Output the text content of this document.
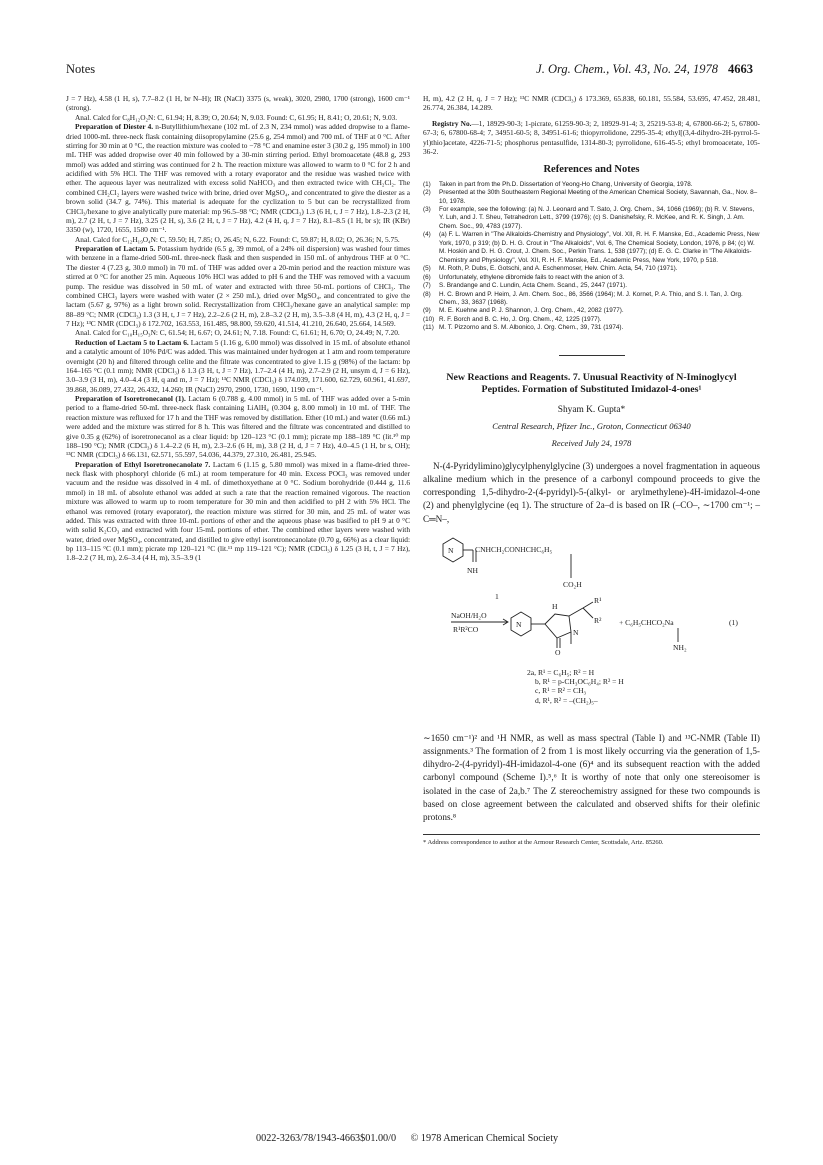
Notes	J. Org. Chem., Vol. 43, No. 24, 1978 4663

J = 7 Hz), 4.58 (1 H, s), 7.7–8.2 (1 H, br N–H); IR (NaCl) 3375 (s, weak), 3020, 2980, 1700 (strong), 1600 cm⁻¹ (strong).

Anal. Calcd for C₈H₁₂O₂N: C, 61.94; H, 8.39; O, 20.64; N, 9.03. Found: C, 61.95; H, 8.41; O, 20.61; N, 9.03.

Preparation of Diester 4. n-Butyllithium/hexane (102 mL of 2.3 N, 234 mmol) was added dropwise to a flame-dried 1000-mL three-neck flask containing diisopropylamine (25.6 g, 254 mmol) and 700 mL of THF at 0 °C. After stirring for 30 min at 0 °C, the reaction mixture was cooled to −78 °C and enamine ester 3 (30.2 g, 195 mmol) in 100 mL THF was added dropwise over 40 min followed by a 30-min stirring period. Ethyl bromoacetate (48.8 g, 293 mmol) was added and stirring was continued for 2 h. The reaction mixture was allowed to warm to 0 °C for 2 h and acidified with 5% HCl. The THF was removed with a rotary evaporator and the residue was washed twice with ether. The aqueous layer was neutralized with excess solid NaHCO₃ and then extracted twice with CH₂Cl₂. The combined CH₂Cl₂ layers were washed twice with brine, dried over MgSO₄, and concentrated to give the diester as a brown solid (34.7 g, 74%). This material is adequate for the cyclization to 5 but can be recrystallized from CHCl₃/hexane to give analytically pure material: mp 96.5–98 °C; NMR (CDCl₃) 1.3 (6 H, t, J = 7 Hz), 1.8–2.3 (2 H, m), 2.7 (2 H, t, J = 7 Hz), 3.25 (2 H, s), 3.6 (2 H, t, J = 7 Hz), 4.2 (4 H, q, J = 7 Hz), 8.1–8.5 (1 H, br s); IR (KBr) 3350 (w), 1720, 1655, 1580 cm⁻¹.

Anal. Calcd for C₁₂H₁₉O₄N: C, 59.50; H, 7.85; O, 26.45; N, 6.22. Found: C, 59.87; H, 8.02; O, 26.36; N, 5.75.

Preparation of Lactam 5. Potassium hydride (6.5 g, 39 mmol, of a 24% oil dispersion) was washed four times with benzene in a flame-dried 500-mL three-neck flask and then suspended in 150 mL of anhydrous THF at 0 °C. The diester 4 (7.23 g, 30.0 mmol) in 70 mL of THF was added over a 20-min period and the reaction mixture was stirred at 0 °C for another 25 min. Aqueous 10% HCl was added to pH 6 and the THF was removed with a vacuum pump. The residue was dissolved in 50 mL of water and extracted with three 50-mL portions of CHCl₃. The combined CHCl₃ layers were washed with water (2 × 250 mL), dried over MgSO₄, and concentrated to give the lactam (5.67 g, 97%) as a light brown solid. Recrystallization from CHCl₃/hexane gave an analytical sample: mp 88–89 °C; NMR (CDCl₃) 1.3 (3 H, t, J = 7 Hz), 2.2–2.6 (2 H, m), 2.8–3.2 (2 H, m), 3.5–3.8 (4 H, m), 4.3 (2 H, q, J = 7 Hz); ¹³C NMR (CDCl₃) δ 172.702, 163.553, 161.485, 98.800, 59.620, 41.514, 41.210, 26.640, 25.664, 14.569.

Anal. Calcd for C₁₀H₁₅O₃N: C, 61.54; H, 6.67; O, 24.61; N, 7.18. Found: C, 61.61; H, 6.70; O, 24.49; N, 7.20.

Reduction of Lactam 5 to Lactam 6. Lactam 5 (1.16 g, 6.00 mmol) was dissolved in 15 mL of absolute ethanol and a catalytic amount of 10% Pd/C was added. This was maintained under hydrogen at 1 atm and room temperature overnight (20 h) and filtered through celite and the filtrate was concentrated to give 1.15 g (98%) of the lactam: bp 164–165 °C (0.1 mm); NMR (CDCl₃) δ 1.3 (3 H, t, J = 7 Hz), 1.7–2.4 (4 H, m), 2.7–2.9 (2 H, unsym d, J = 6 Hz), 3.0–3.9 (3 H, m), 4.0–4.4 (3 H, q and m, J = 7 Hz); ¹³C NMR (CDCl₃) δ 174.039, 171.600, 62.729, 60.961, 41.697, 39.868, 36.089, 27.432, 26.432, 14.260; IR (NaCl) 2970, 2900, 1730, 1690, 1190 cm⁻¹.

Preparation of Isoretronecanol (1). Lactam 6 (0.788 g, 4.00 mmol) in 5 mL of THF was added over a 5-min period to a flame-dried 50-mL three-neck flask containing LiAlH₄ (0.304 g, 8.00 mmol) in 10 mL of THF. The reaction mixture was refluxed for 17 h and the THF was removed by distillation. Ether (10 mL) and water (0.66 mL) were added and the mixture was stirred for 8 h. This was filtered and the filtrate was concentrated and distilled to give 0.35 g (62%) of isoretronecanol as a clear liquid: bp 120–123 °C (0.1 mm); picrate mp 188–189 °C (lit.¹⁰ mp 188–190 °C); NMR (CDCl₃) δ 1.4–2.2 (6 H, m), 2.3–2.6 (6 H, m), 3.8 (2 H, d, J = 7 Hz), 4.0–4.5 (1 H, br s, OH); ¹³C NMR (CDCl₃) δ 66.131, 62.571, 55.597, 54.036, 44.379, 27.310, 26.481, 25.945.

Preparation of Ethyl Isoretronecanolate 7. Lactam 6 (1.15 g, 5.80 mmol) was mixed in a flame-dried three-neck flask with phosphoryl chloride (6 mL) at room temperature for 40 min. Excess POCl₃ was removed under vacuum and the residue was dissolved in 4 mL of dimethoxyethane at 0 °C. Sodium borohydride (0.444 g, 11.6 mmol) in 18 mL of absolute ethanol was added at such a rate that the reaction remained vigorous. The reaction mixture was allowed to warm up to room temperature for 30 min and then acidified to pH 2 with 5% HCl. The ethanol was removed (rotary evaporator), the reaction mixture was stirred for 30 min, and 25 mL of water was added. This was extracted with three 10-mL portions of ether and the aqueous phase was basified to pH 9 at 0 °C with solid K₂CO₃ and extracted with four 15-mL portions of ether. The combined ether layers were washed with water, dried over MgSO₄, concentrated, and distilled to give ethyl isoretronecanolate (0.70 g, 66%) as a clear liquid: bp 113–115 °C (0.1 mm); picrate mp 120–121 °C (lit.¹¹ mp 119–121 °C); NMR (CDCl₃) δ 1.25 (3 H, t, J = 7 Hz), 1.8–2.2 (7 H, m), 2.6–3.4 (4 H, m), 3.5–3.9 (1

H, m), 4.2 (2 H, q, J = 7 Hz); ¹³C NMR (CDCl₃) δ 173.369, 65.838, 60.181, 55.584, 53.695, 47.452, 28.481, 26.774, 26.384, 14.289.

Registry No.—1, 18929-90-3; 1-picrate, 61259-90-3; 2, 18929-91-4; 3, 25219-53-8; 4, 67800-66-2; 5, 67800-67-3; 6, 67800-68-4; 7, 34951-60-5; 8, 34951-61-6; thiopyrrolidone, 2295-35-4; ethyl[(3,4-dihydro-2H-pyrrol-5-yl)thio]acetate, 4226-71-5; phosphorus pentasulfide, 1314-80-3; pyrrolidone, 616-45-5; ethyl bromoacetate, 105-36-2.

References and Notes
(1)	Taken in part from the Ph.D. Dissertation of Yeong-Ho Chang, University of Georgia, 1978.
(2)	Presented at the 30th Southeastern Regional Meeting of the American Chemical Society, Savannah, Ga., Nov. 8–10, 1978.
(3)	For example, see the following: (a) N. J. Leonard and T. Sato, J. Org. Chem., 34, 1066 (1969); (b) R. V. Stevens, Y. Luh, and J. T. Sheu, Tetrahedron Lett., 3799 (1976); (c) S. Danishefsky, R. McKee, and R. K. Singh, J. Am. Chem. Soc., 99, 4783 (1977).
(4)	(a) F. L. Warren in "The Alkaloids-Chemistry and Physiology", Vol. XII, R. H. F. Manske, Ed., Academic Press, New York, 1970, p 319; (b) D. H. G. Crout in "The Alkaloids", Vol. 6, The Chemical Society, London, 1976, p 84; (c) W. M. Hoskin and D. H. G. Crout, J. Chem. Soc., Perkin Trans. 1, 538 (1977); (d) E. G. C. Clarke in "The Alkaloids-Chemistry and Physiology", Vol. XII, R. H. F. Manske, Ed., Academic Press, New York, 1970, p 518.
(5)	M. Roth, P. Dubs, E. Gotschi, and A. Eschenmoser, Helv. Chim. Acta, 54, 710 (1971).
(6)	Unfortunately, ethylene dibromide fails to react with the anion of 3.
(7)	S. Brandange and C. Lundin, Acta Chem. Scand., 25, 2447 (1971).
(8)	H. C. Brown and P. Heim, J. Am. Chem. Soc., 86, 3566 (1964); M. J. Kornet, P. A. Thio, and S. I. Tan, J. Org. Chem., 33, 3637 (1968).
(9)	M. E. Kuehne and P. J. Shannon, J. Org. Chem., 42, 2082 (1977).
(10) R. F. Borch and B. C. Ho, J. Org. Chem., 42, 1225 (1977).
(11) M. T. Pizzorno and S. M. Albonico, J. Org. Chem., 39, 731 (1974).
New Reactions and Reagents. 7. Unusual Reactivity of N-Iminoglycyl Peptides. Formation of Substituted Imidazol-4-ones¹
Shyam K. Gupta*
Central Research, Pfizer Inc., Groton, Connecticut 06340
Received July 24, 1978

N-(4-Pyridylimino)glycylphenylglycine (3) undergoes a novel fragmentation in aqueous alkaline medium which in the presence of a carbonyl compound proceeds to give the corresponding 1,5-dihydro-2-(4-pyridyl)-5-(alkyl- or arylmethylene)-4H-imidazol-4-one (2) and phenylglycine (eq 1). The structure of 2a–d is based on IR (–CO–, ∼1700 cm⁻¹; –C═N–,

N	CNHCH₂CONHCHC₆H₅
NH
CO₂H
1
NaOH/H₂O
R¹R²CO
N
H
N
R¹
R²
O
+ C₆H₅CHCO₂Na	(1)
NH₂
2a, R¹ = C₆H₅; R² = H
b, R¹ = p-CH₃OC₆H₄; R² = H
c, R¹ = R² = CH₃
d, R¹, R² = –(CH₂)₅–

∼1650 cm⁻¹)² and ¹H NMR, as well as mass spectral (Table I) and ¹³C-NMR (Table II) assignments.³ The formation of 2 from 1 is most likely occurring via the generation of 1,5-dihydro-2-(4-pyridyl)-4H-imidazol-4-one (6)⁴ and its subsequent reaction with the added carbonyl compound (Scheme I).⁵,⁶ It is worthy of note that only one stereoisomer is isolated in the case of 2a,b.⁷ The Z stereochemistry assigned for these two compounds is based on close agreement between the calculated and observed shifts for their olefinic protons.⁸

* Address correspondence to author at the Armour Research Center, Scottsdale, Ariz. 85260.
0022-3263/78/1943-4663$01.00/0 © 1978 American Chemical Society
